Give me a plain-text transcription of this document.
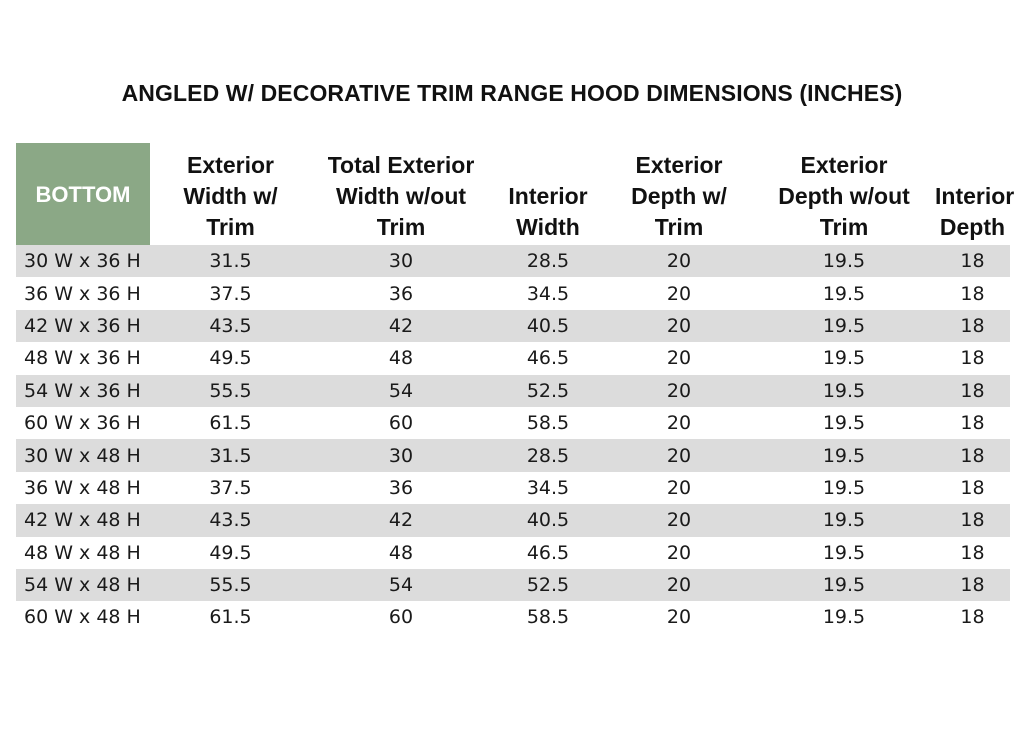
ANGLED W/ DECORATIVE TRIM RANGE HOOD DIMENSIONS (INCHES)
BOTTOM	Exterior
Width w/
Trim	Total Exterior
Width w/out
Trim	Interior
Width	Exterior
Depth w/
Trim	Exterior
Depth w/out
Trim	Interior
Depth
30 W x 36 H	31.5	30	28.5	20	19.5	18
36 W x 36 H	37.5	36	34.5	20	19.5	18
42 W x 36 H	43.5	42	40.5	20	19.5	18
48 W x 36 H	49.5	48	46.5	20	19.5	18
54 W x 36 H	55.5	54	52.5	20	19.5	18
60 W x 36 H	61.5	60	58.5	20	19.5	18
30 W x 48 H	31.5	30	28.5	20	19.5	18
36 W x 48 H	37.5	36	34.5	20	19.5	18
42 W x 48 H	43.5	42	40.5	20	19.5	18
48 W x 48 H	49.5	48	46.5	20	19.5	18
54 W x 48 H	55.5	54	52.5	20	19.5	18
60 W x 48 H	61.5	60	58.5	20	19.5	18
